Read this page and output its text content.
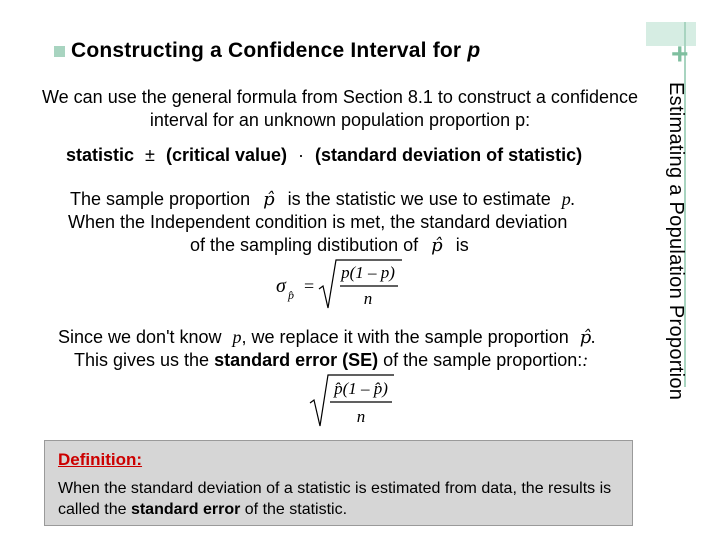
+
Constructing a Confidence Interval for p
Estimating a Population Proportion
We can use the general formula from Section 8.1 to construct a confidence interval for an unknown population proportion p:
statistic ± (critical value) · (standard deviation of statistic)
The sample proportion p̂ is the statistic we use to estimate p.
When the Independent condition is met, the standard deviation
of the sampling distibution of p̂ is
σ p̂ =
p(1 – p)
n
Since we don't know p, we replace it with the sample proportion p̂.
This gives us the standard error (SE) of the sample proportion::
p̂(1 – p̂)
n
Definition:
When the standard deviation of a statistic is estimated from data, the results is called the standard error of the statistic.
